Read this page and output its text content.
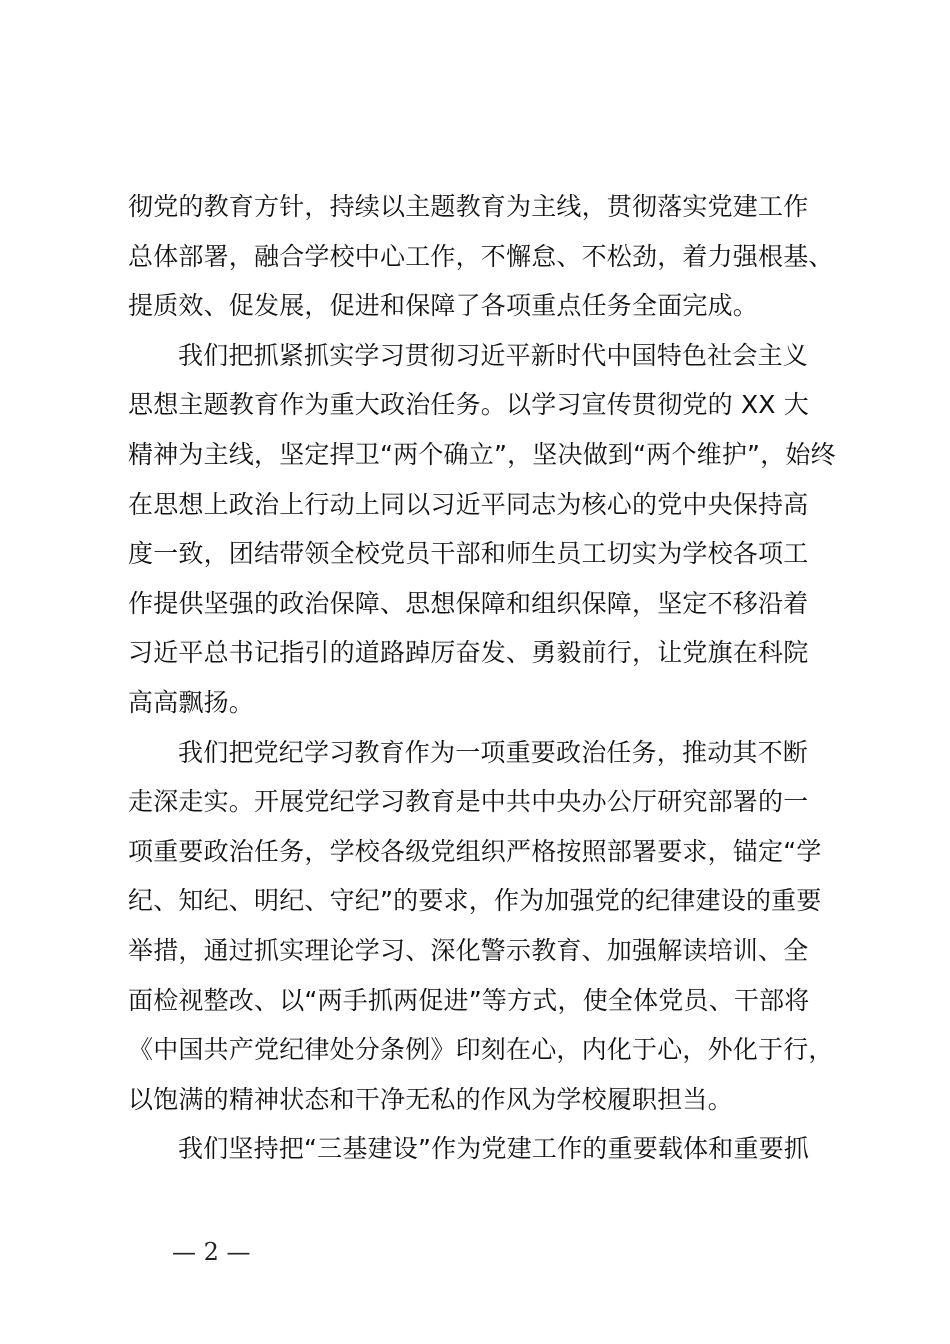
彻党的教育方针，持续以主题教育为主线，贯彻落实党建工作
总体部署，融合学校中心工作，不懈怠、不松劲，着力强根基、
提质效、促发展，促进和保障了各项重点任务全面完成。
我们把抓紧抓实学习贯彻习近平新时代中国特色社会主义
思想主题教育作为重大政治任务。以学习宣传贯彻党的 XX 大
精神为主线，坚定捍卫“两个确立”，坚决做到“两个维护”，始终
在思想上政治上行动上同以习近平同志为核心的党中央保持高
度一致，团结带领全校党员干部和师生员工切实为学校各项工
作提供坚强的政治保障、思想保障和组织保障，坚定不移沿着
习近平总书记指引的道路踔厉奋发、勇毅前行，让党旗在科院
高高飘扬。
我们把党纪学习教育作为一项重要政治任务，推动其不断
走深走实。开展党纪学习教育是中共中央办公厅研究部署的一
项重要政治任务，学校各级党组织严格按照部署要求，锚定“学
纪、知纪、明纪、守纪”的要求，作为加强党的纪律建设的重要
举措，通过抓实理论学习、深化警示教育、加强解读培训、全
面检视整改、以“两手抓两促进”等方式，使全体党员、干部将
《中国共产党纪律处分条例》印刻在心，内化于心，外化于行，
以饱满的精神状态和干净无私的作风为学校履职担当。
我们坚持把“三基建设”作为党建工作的重要载体和重要抓
— 2 —
